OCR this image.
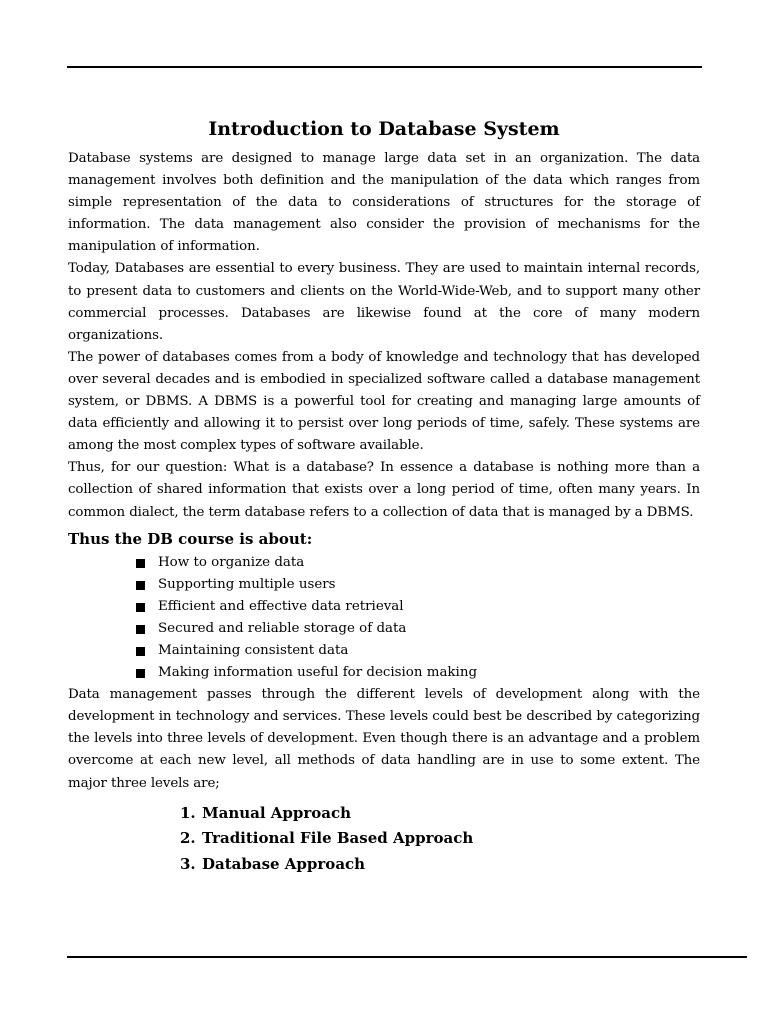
Introduction to Database System

Database systems are designed to manage large data set in an organization. The data management involves both definition and the manipulation of the data which ranges from simple representation of the data to considerations of structures for the storage of information. The data management also consider the provision of mechanisms for the manipulation of information.

Today, Databases are essential to every business. They are used to maintain internal records, to present data to customers and clients on the World-Wide-Web, and to support many other commercial processes. Databases are likewise found at the core of many modern organizations.

The power of databases comes from a body of knowledge and technology that has developed over several decades and is embodied in specialized software called a database management system, or DBMS. A DBMS is a powerful tool for creating and managing large amounts of data efficiently and allowing it to persist over long periods of time, safely. These systems are among the most complex types of software available.

Thus, for our question: What is a database? In essence a database is nothing more than a collection of shared information that exists over a long period of time, often many years. In common dialect, the term database refers to a collection of data that is managed by a DBMS.

Thus the DB course is about:
How to organize data
Supporting multiple users
Efficient and effective data retrieval
Secured and reliable storage of data
Maintaining consistent data
Making information useful for decision making

Data management passes through the different levels of development along with the development in technology and services. These levels could best be described by categorizing the levels into three levels of development. Even though there is an advantage and a problem overcome at each new level, all methods of data handling are in use to some extent. The major three levels are;

1. Manual Approach
2. Traditional File Based Approach
3. Database Approach
